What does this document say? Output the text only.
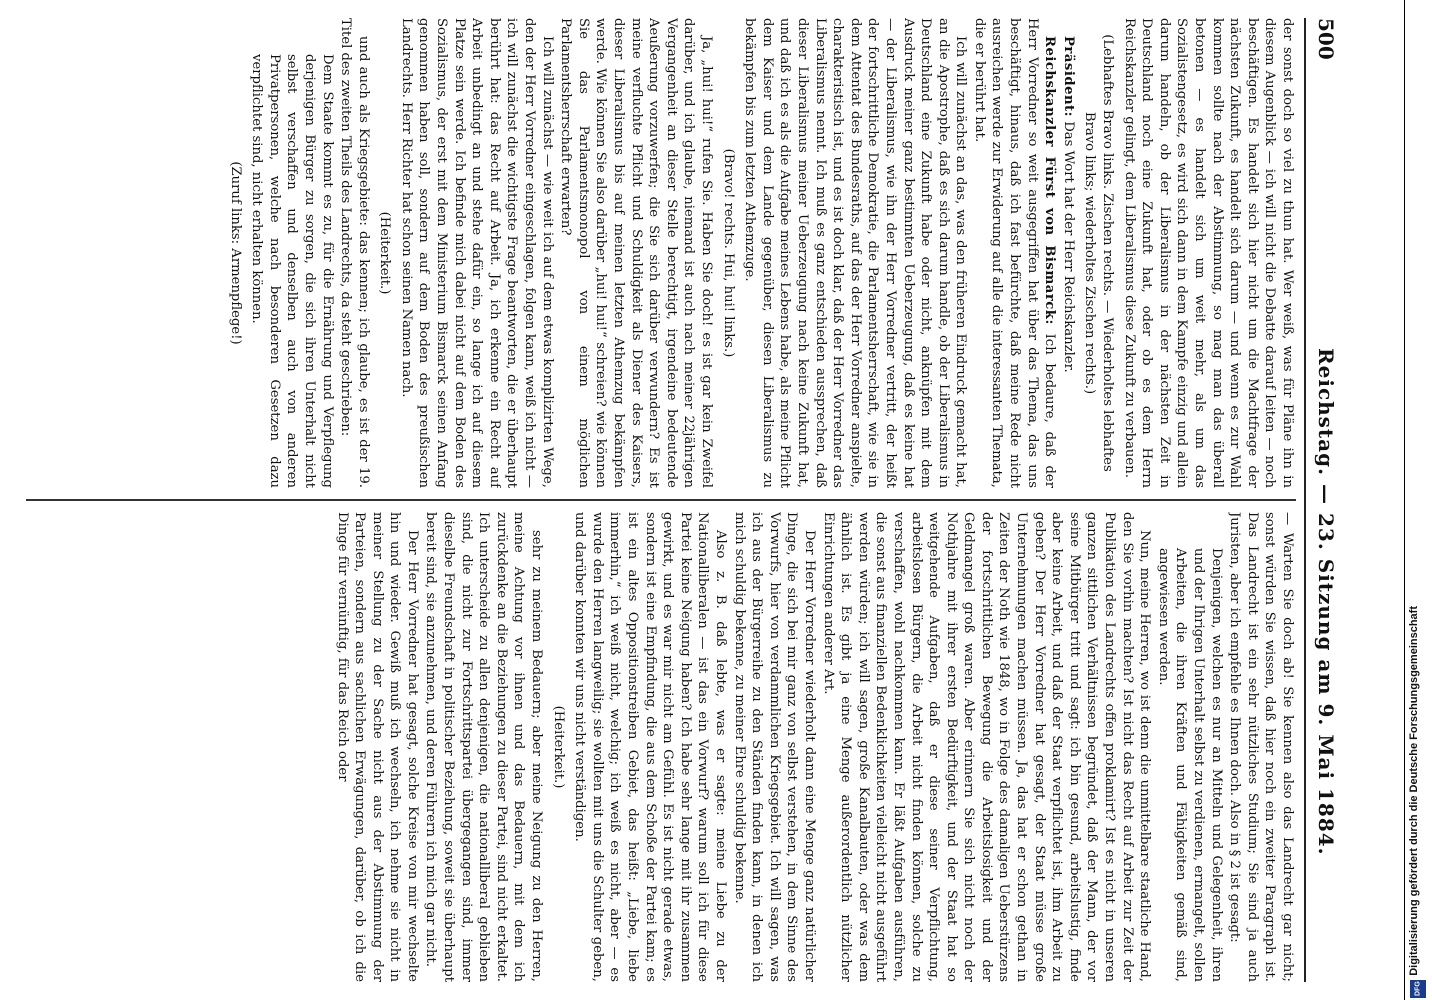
500
Reichstag. — 23. Sitzung am 9. Mai 1884.

der sonst doch so viel zu thun hat. Wer weiß, was für Pläne ihn in diesem Augenblick — ich will nicht die Debatte darauf leiten — noch beschäftigen. Es handelt sich hier nicht um die Machtfrage der nächsten Zukunft, es handelt sich darum — und wenn es zur Wahl kommen sollte nach der Abstimmung, so mag man das überall betonen — es handelt sich um weit mehr, als um das Sozialistengesetz, es wird sich dann in dem Kampfe einzig und allein darum handeln, ob der Liberalismus in der nächsten Zeit in Deutschland noch eine Zukunft hat, oder ob es dem Herrn Reichskanzler gelingt, dem Liberalismus diese Zukunft zu verbauen.

(Lebhaftes Bravo links. Zischen rechts. — Wiederholtes lebhaftes Bravo links; wiederholtes Zischen rechts.)

Präsident: Das Wort hat der Herr Reichskanzler.

Reichskanzler Fürst von Bismarck: Ich bedaure, daß der Herr Vorredner so weit ausgegriffen hat über das Thema, das uns beschäftigt, hinaus, daß ich fast befürchte, daß meine Rede nicht ausreichen werde zur Erwiderung auf alle die interessanten Themata, die er berührt hat.

Ich will zunächst an das, was den früheren Eindruck gemacht hat, an die Apostrophe, daß es sich darum handle, ob der Liberalismus in Deutschland eine Zukunft habe oder nicht, anknüpfen mit dem Ausdruck meiner ganz bestimmten Ueberzeugung, daß es keine hat — der Liberalismus, wie ihn der Herr Vorredner vertritt, der heißt der fortschrittliche Demokratie, die Parlamentsherrschaft, wie sie in dem Attentat des Bundesraths, auf das der Herr Vorredner anspielte, charakteristisch ist, und es ist doch klar, daß der Herr Vorredner das Liberalismus nennt. Ich muß es ganz entschieden aussprechen, daß dieser Liberalismus meiner Ueberzeugung nach keine Zukunft hat, und daß ich es als die Aufgabe meines Lebens habe, als meine Pflicht dem Kaiser und dem Lande gegenüber, diesen Liberalismus zu bekämpfen bis zum letzten Athemzuge.

(Bravo! rechts. Hui, hui! links.)

Ja, „hui! hui!“ rufen Sie. Haben Sie doch! es ist gar kein Zweifel darüber, und ich glaube, niemand ist auch nach meiner 22jährigen Vergangenheit an dieser Stelle berechtigt, irgendeine bedeutende Aeußerung vorzuwerfen; die Sie sich darüber verwundern? Es ist meine verfluchte Pflicht und Schuldigkeit als Diener des Kaisers, dieser Liberalismus bis auf meinen letzten Athemzug bekämpfen werde. Wie können Sie also darüber „hui! hui!“ schreien? wie können Sie das Parlamentsmonopol von einem möglichen Parlamentsherrschaft erwarten?

Ich will zunächst — wie weit ich auf dem etwas komplizirten Wege, den der Herr Vorredner eingeschlagen, folgen kann, weiß ich nicht — ich will zunächst die wichtigste Frage beantworten, die er überhaupt berührt hat: das Recht auf Arbeit. Ja, ich erkenne ein Recht auf Arbeit unbedingt an und stehe dafür ein, so lange ich auf diesem Platze sein werde. Ich befinde mich dabei nicht auf dem Boden des Sozialismus, der erst mit dem Ministerium Bismarck seinen Anfang genommen haben soll, sondern auf dem Boden des preußischen Landrechts. Herr Richter hat schon seinen Namen nach.

(Heiterkeit.)

und auch als Kriegsgebiete: das kennen; ich glaube, es ist der 19. Titel des zweiten Theils des Landrechts, da steht geschrieben:

Dem Staate kommt es zu, für die Ernährung und Verpflegung derjenigen Bürger zu sorgen, die sich ihren Unterhalt nicht selbst verschaffen und denselben auch von anderen Privatpersonen, welche nach besonderen Gesetzen dazu verpflichtet sind, nicht erhalten können.

(Zuruf links: Armenpflege!)

— Warten Sie doch ab! Sie kennen also das Landrecht gar nicht; sonst würden Sie wissen, daß hier noch ein zweiter Paragraph ist. Das Landrecht ist ein sehr nützliches Studium; Sie sind ja auch Juristen, aber ich empfehle es Ihnen doch. Also in § 2 ist gesagt:

Denjenigen, welchen es nur an Mitteln und Gelegenheit, ihren und der Ihrigen Unterhalt selbst zu verdienen, ermangelt, sollen Arbeiten, die ihren Kräften und Fähigkeiten gemäß sind, angewiesen werden.

Nun, meine Herren, wo ist denn die unmittelbare staatliche Hand, den Sie vorhin machten? Ist nicht das Recht auf Arbeit zur Zeit der Publikation des Landrechts offen proklamirt? Ist es nicht in unseren ganzen sittlichen Verhältnissen begründet, daß der Mann, der vor seine Mitbürger tritt und sagt: ich bin gesund, arbeitslustig, finde aber keine Arbeit, und daß der Staat verpflichtet ist, ihm Arbeit zu geben? Der Herr Vorredner hat gesagt, der Staat müsse große Unternehmungen machen müssen. Ja, das hat er schon gethan in Zeiten der Noth wie 1848, wo in Folge des damaligen Ueberstürzens der fortschrittlichen Bewegung die Arbeitslosigkeit und der Geldmangel groß waren. Aber erinnern Sie sich nicht noch der Nothjahre mit ihrer ersten Bedürftigkeit, und der Staat hat so weitgehende Aufgaben, daß er diese seiner Verpflichtung, arbeitslosen Bürgern, die Arbeit nicht finden können, solche zu verschaffen, wohl nachkommen kann. Er läßt Aufgaben ausführen, die sonst aus finanziellen Bedenklichkeiten vielleicht nicht ausgeführt werden würden; ich will sagen, große Kanalbauten, oder was dem ähnlich ist. Es gibt ja eine Menge außerordentlich nützlicher Einrichtungen anderer Art.

Der Herr Vorredner wiederholt dann eine Menge ganz natürlicher Dinge, die sich bei mir ganz von selbst verstehen, in dem Sinne des Vorwurfs, hier von verdammlichen Kriegsgebiet. Ich will sagen, was ich aus der Bürgerreihe zu den Ständen finden kann, in denen ich mich schuldig bekenne, zu meiner Ehre schuldig bekenne.

Also z. B. daß lebte, was er sagte: meine Liebe zu der Nationalliberalen — ist das ein Vorwurf? warum soll ich für diese Partei keine Neigung haben? Ich habe sehr lange mit ihr zusammen gewirkt, und es war mir nicht am Gefühl. Es ist nicht gerade etwas, sondern ist eine Empfindung, die aus dem Schoße der Partei kam; es ist ein altes Oppositionstreiben Gebiet, das heißt: „Liebe, liebe immerhin,“ ich weiß nicht, welchig; ich weiß es nicht, aber — es wurde den Herren langweilig; sie wollten mit uns die Schulter geben, und darüber konnten wir uns nicht verständigen.

(Heiterkeit.)

sehr zu meinem Bedauern; aber meine Neigung zu den Herren, meine Achtung vor ihnen und das Bedauern, mit dem ich zurückdenke an die Beziehungen zu dieser Partei, sind nicht erkaltet. Ich unterscheide zu allen denjenigen, die nationalliberal geblieben sind, die nicht zur Fortschrittspartei übergegangen sind, immer dieselbe Freundschaft in politischer Beziehung, soweit sie überhaupt bereit sind, sie anzunehmen, und deren Führern ich mich gar nicht.

Der Herr Vorredner hat gesagt, solche Kreise von mir wechselte hin und wieder. Gewiß muß ich wechseln, ich nehme sie nicht in meiner Stellung zu der Sache nicht aus der Abstimmung der Parteien, sondern aus sachlichen Erwägungen, darüber, ob ich die Dinge für vernünftig, für das Reich oder	Digitalisierung gefördert durch die Deutsche Forschungsgemeinschaft
DFG
